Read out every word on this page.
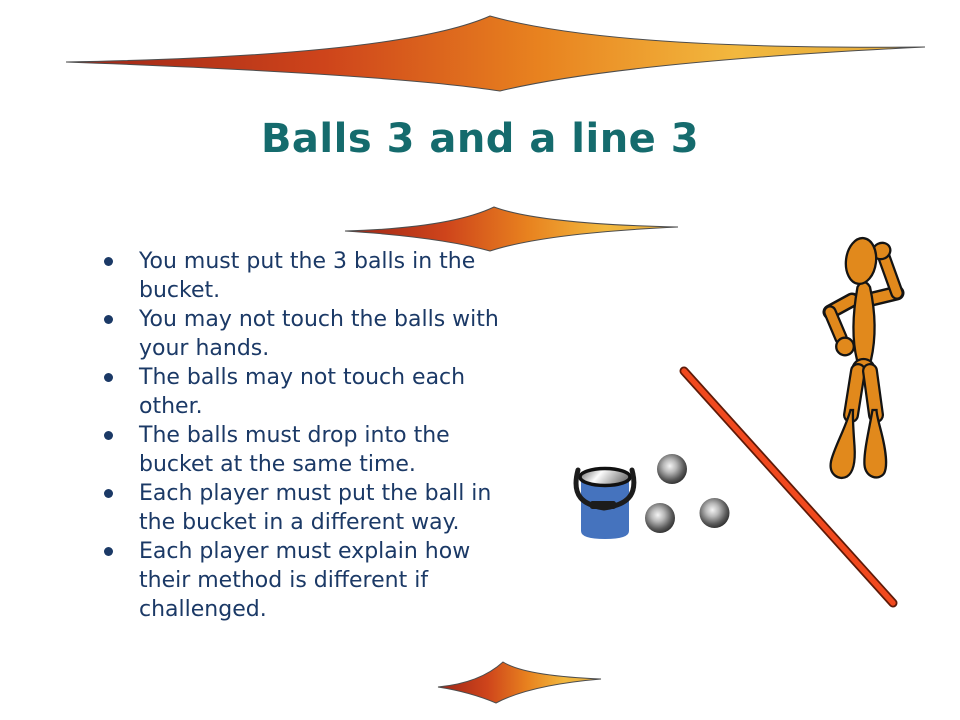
Balls 3 and a line 3
You must put the 3 balls in the bucket.
You may not touch the balls with your hands.
The balls may not touch each other.
The balls must drop into the bucket at the same time.
Each player must put the ball in the bucket in a different way.
Each player must explain how their method is different if challenged.
